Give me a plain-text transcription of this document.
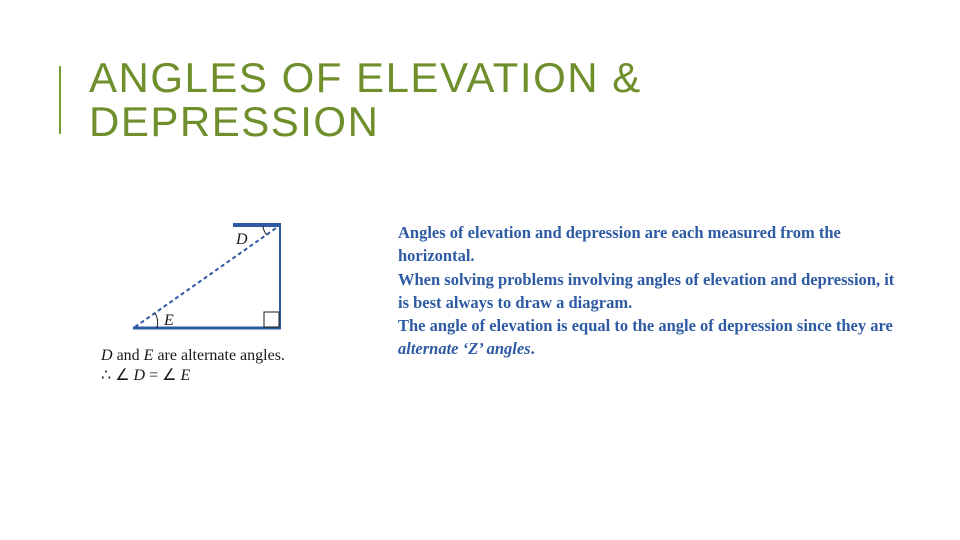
ANGLES OF ELEVATION &
DEPRESSION
D
E
D and E are alternate angles.
∴ ∠ D = ∠ E

Angles of elevation and depression are each measured from the horizontal.

When solving problems involving angles of elevation and depression, it is best always to draw a diagram.

The angle of elevation is equal to the angle of depression since they are alternate ‘Z’ angles.
